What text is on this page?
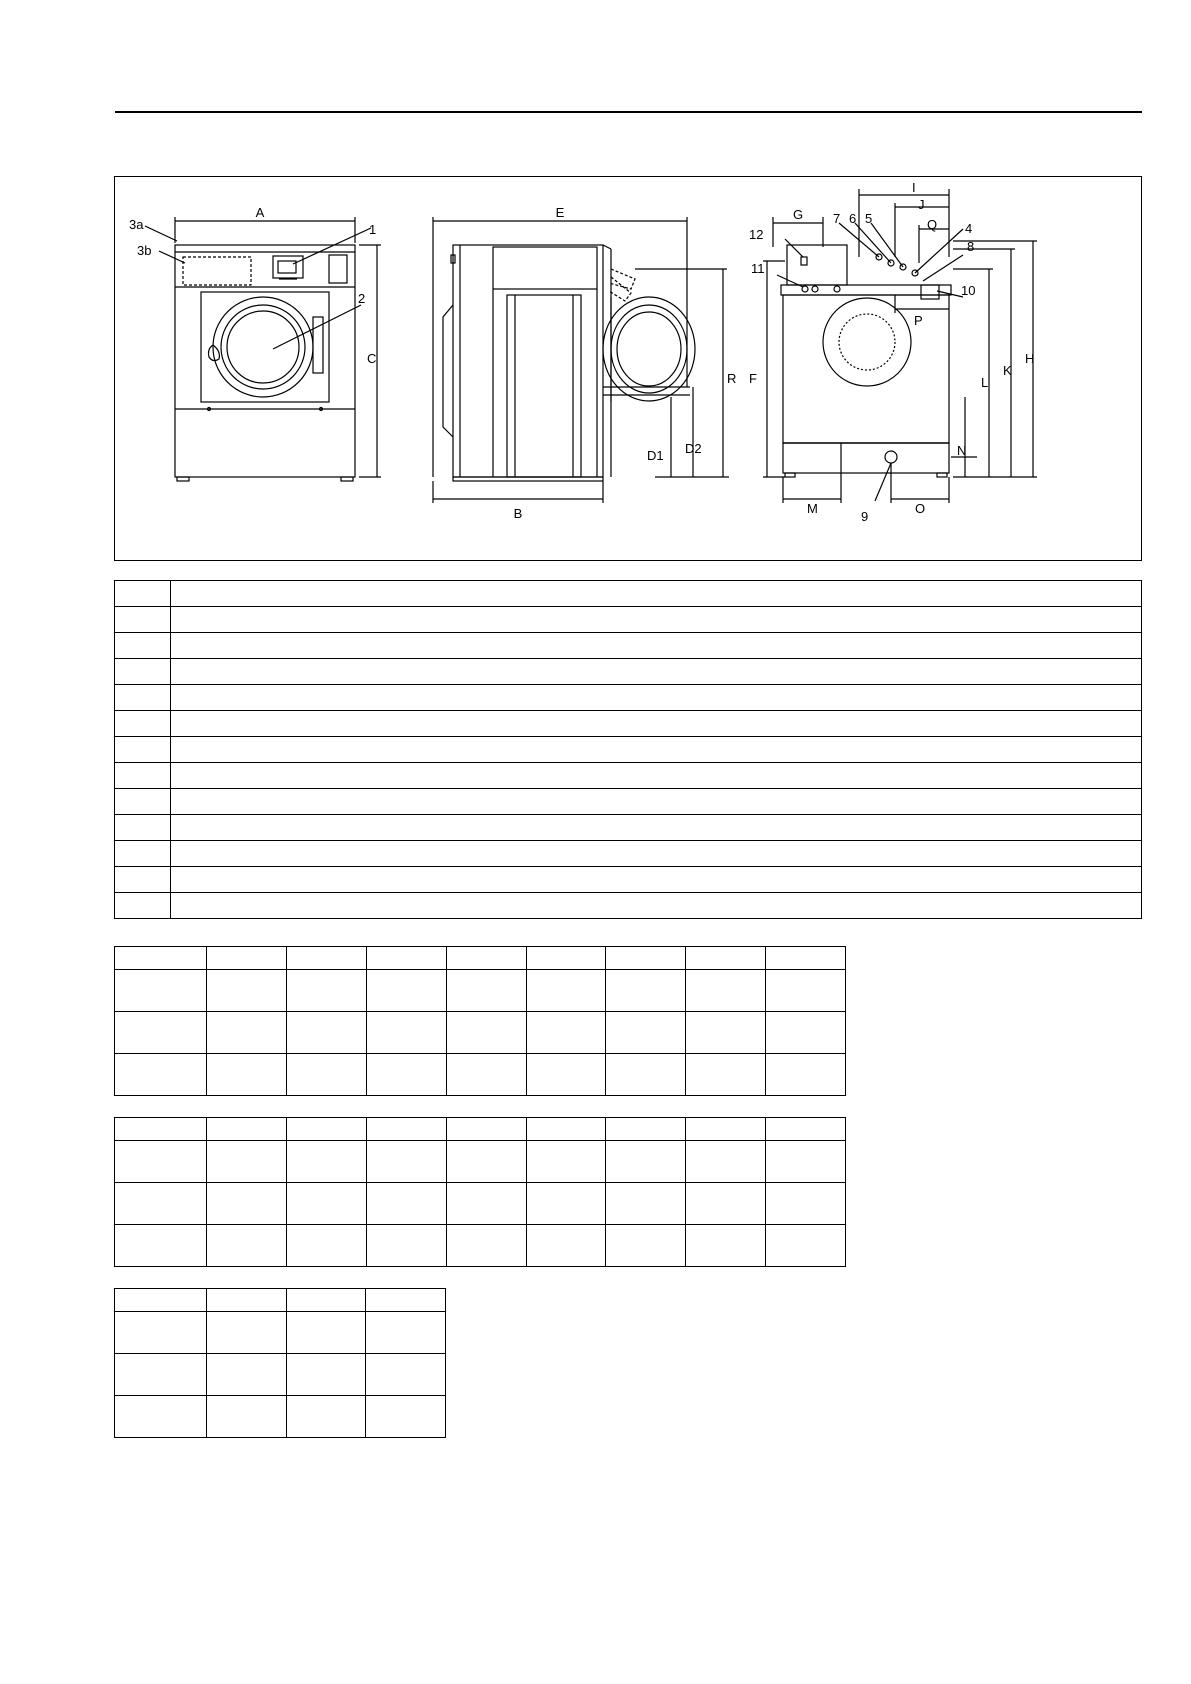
A
3a
3b
1
2
C
E
R
D1 D2
B
I
J
G
Q
12
7 6 5
4
8
11
10
P
F	L
K
H
N
M
9
O
